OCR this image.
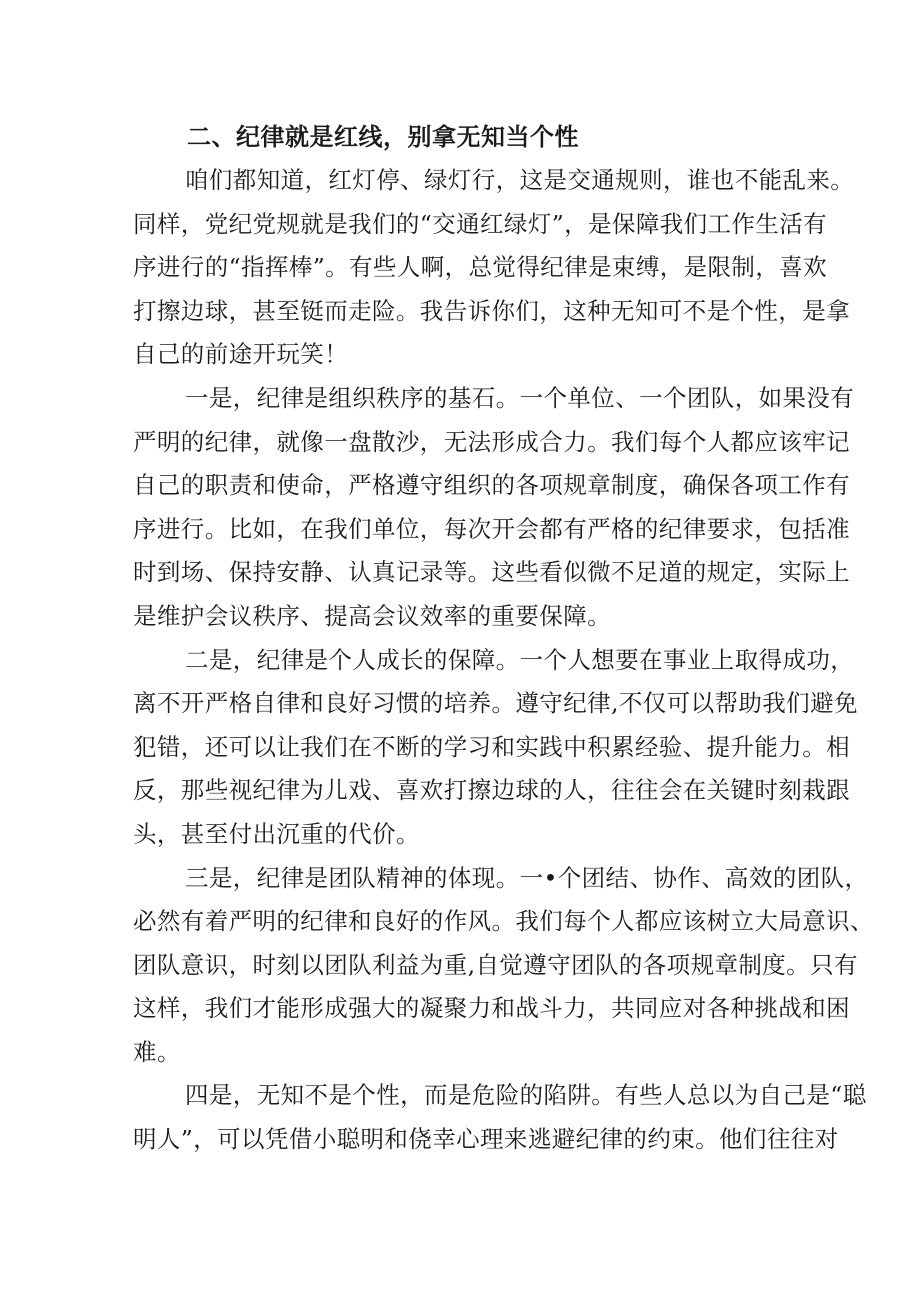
二、纪律就是红线，别拿无知当个性

咱们都知道，红灯停、绿灯行，这是交通规则，谁也不能乱来。
同样，党纪党规就是我们的“交通红绿灯”，是保障我们工作生活有
序进行的“指挥棒”。有些人啊，总觉得纪律是束缚，是限制，喜欢
打擦边球，甚至铤而走险。我告诉你们，这种无知可不是个性，是拿
自己的前途开玩笑！

一是，纪律是组织秩序的基石。一个单位、一个团队，如果没有
严明的纪律，就像一盘散沙，无法形成合力。我们每个人都应该牢记
自己的职责和使命，严格遵守组织的各项规章制度，确保各项工作有
序进行。比如，在我们单位，每次开会都有严格的纪律要求，包括准
时到场、保持安静、认真记录等。这些看似微不足道的规定，实际上
是维护会议秩序、提高会议效率的重要保障。

二是，纪律是个人成长的保障。一个人想要在事业上取得成功，
离不开严格自律和良好习惯的培养。遵守纪律,不仅可以帮助我们避免
犯错，还可以让我们在不断的学习和实践中积累经验、提升能力。相
反，那些视纪律为儿戏、喜欢打擦边球的人，往往会在关键时刻栽跟
头，甚至付出沉重的代价。

三是，纪律是团队精神的体现。一•个团结、协作、高效的团队，
必然有着严明的纪律和良好的作风。我们每个人都应该树立大局意识、
团队意识，时刻以团队利益为重,自觉遵守团队的各项规章制度。只有
这样，我们才能形成强大的凝聚力和战斗力，共同应对各种挑战和困
难。

四是，无知不是个性，而是危险的陷阱。有些人总以为自己是“聪
明人”，可以凭借小聪明和侥幸心理来逃避纪律的约束。他们往往对
